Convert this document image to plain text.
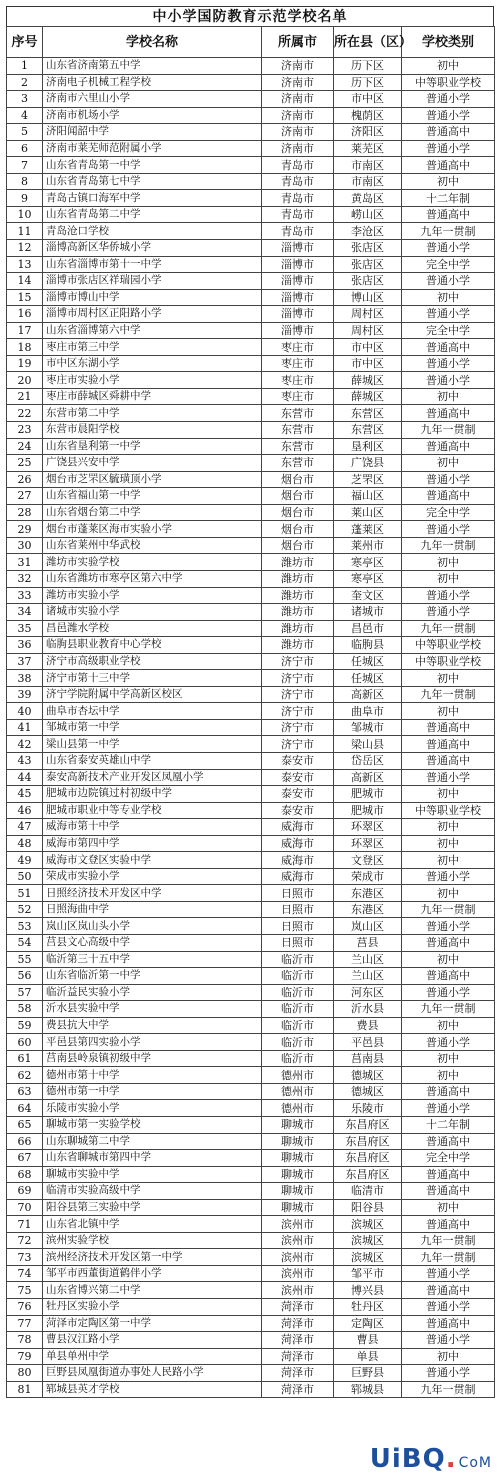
中小学国防教育示范学校名单
序号	学校名称	所属市	所在县（区）	学校类别
1	山东省济南第五中学	济南市	历下区	初中
2	济南电子机械工程学校	济南市	历下区	中等职业学校
3	济南市六里山小学	济南市	市中区	普通小学
4	济南市机场小学	济南市	槐荫区	普通小学
5	济阳闻韶中学	济南市	济阳区	普通高中
6	济南市莱芜师范附属小学	济南市	莱芜区	普通小学
7	山东省青岛第一中学	青岛市	市南区	普通高中
8	山东省青岛第七中学	青岛市	市南区	初中
9	青岛古镇口海军中学	青岛市	黄岛区	十二年制
10	山东省青岛第二中学	青岛市	崂山区	普通高中
11	青岛沧口学校	青岛市	李沧区	九年一贯制
12	淄博高新区华侨城小学	淄博市	张店区	普通小学
13	山东省淄博市第十一中学	淄博市	张店区	完全中学
14	淄博市张店区祥瑞园小学	淄博市	张店区	普通小学
15	淄博市博山中学	淄博市	博山区	初中
16	淄博市周村区正阳路小学	淄博市	周村区	普通小学
17	山东省淄博第六中学	淄博市	周村区	完全中学
18	枣庄市第三中学	枣庄市	市中区	普通高中
19	市中区东湖小学	枣庄市	市中区	普通小学
20	枣庄市实验小学	枣庄市	薛城区	普通小学
21	枣庄市薛城区舜耕中学	枣庄市	薛城区	初中
22	东营市第二中学	东营市	东营区	普通高中
23	东营市晨阳学校	东营市	东营区	九年一贯制
24	山东省垦利第一中学	东营市	垦利区	普通高中
25	广饶县兴安中学	东营市	广饶县	初中
26	烟台市芝罘区毓璜顶小学	烟台市	芝罘区	普通小学
27	山东省福山第一中学	烟台市	福山区	普通高中
28	山东省烟台第二中学	烟台市	莱山区	完全中学
29	烟台市蓬莱区海市实验小学	烟台市	蓬莱区	普通小学
30	山东省莱州中华武校	烟台市	莱州市	九年一贯制
31	潍坊市实验学校	潍坊市	寒亭区	初中
32	山东省潍坊市寒亭区第六中学	潍坊市	寒亭区	初中
33	潍坊市实验小学	潍坊市	奎文区	普通小学
34	诸城市实验小学	潍坊市	诸城市	普通小学
35	昌邑潍水学校	潍坊市	昌邑市	九年一贯制
36	临朐县职业教育中心学校	潍坊市	临朐县	中等职业学校
37	济宁市高级职业学校	济宁市	任城区	中等职业学校
38	济宁市第十三中学	济宁市	任城区	初中
39	济宁学院附属中学高新区校区	济宁市	高新区	九年一贯制
40	曲阜市杏坛中学	济宁市	曲阜市	初中
41	邹城市第一中学	济宁市	邹城市	普通高中
42	梁山县第一中学	济宁市	梁山县	普通高中
43	山东省泰安英雄山中学	泰安市	岱岳区	普通高中
44	泰安高新技术产业开发区凤凰小学	泰安市	高新区	普通小学
45	肥城市边院镇过村初级中学	泰安市	肥城市	初中
46	肥城市职业中等专业学校	泰安市	肥城市	中等职业学校
47	威海市第十中学	威海市	环翠区	初中
48	威海市第四中学	威海市	环翠区	初中
49	威海市文登区实验中学	威海市	文登区	初中
50	荣成市实验小学	威海市	荣成市	普通小学
51	日照经济技术开发区中学	日照市	东港区	初中
52	日照海曲中学	日照市	东港区	九年一贯制
53	岚山区岚山头小学	日照市	岚山区	普通小学
54	莒县文心高级中学	日照市	莒县	普通高中
55	临沂第三十五中学	临沂市	兰山区	初中
56	山东省临沂第一中学	临沂市	兰山区	普通高中
57	临沂益民实验小学	临沂市	河东区	普通小学
58	沂水县实验中学	临沂市	沂水县	九年一贯制
59	费县抗大中学	临沂市	费县	初中
60	平邑县第四实验小学	临沂市	平邑县	普通小学
61	莒南县岭泉镇初级中学	临沂市	莒南县	初中
62	德州市第十中学	德州市	德城区	初中
63	德州市第一中学	德州市	德城区	普通高中
64	乐陵市实验小学	德州市	乐陵市	普通小学
65	聊城市第一实验学校	聊城市	东昌府区	十二年制
66	山东聊城第二中学	聊城市	东昌府区	普通高中
67	山东省聊城市第四中学	聊城市	东昌府区	完全中学
68	聊城市实验中学	聊城市	东昌府区	普通高中
69	临清市实验高级中学	聊城市	临清市	普通高中
70	阳谷县第三实验中学	聊城市	阳谷县	初中
71	山东省北镇中学	滨州市	滨城区	普通高中
72	滨州实验学校	滨州市	滨城区	九年一贯制
73	滨州经济技术开发区第一中学	滨州市	滨城区	九年一贯制
74	邹平市西董街道鹤伴小学	滨州市	邹平市	普通小学
75	山东省博兴第二中学	滨州市	博兴县	普通高中
76	牡丹区实验小学	菏泽市	牡丹区	普通小学
77	菏泽市定陶区第一中学	菏泽市	定陶区	普通高中
78	曹县汉江路小学	菏泽市	曹县	普通小学
79	单县单州中学	菏泽市	单县	初中
80	巨野县凤凰街道办事处人民路小学	菏泽市	巨野县	普通小学
81	郓城县英才学校	菏泽市	郓城县	九年一贯制
UiBQ. CoM
